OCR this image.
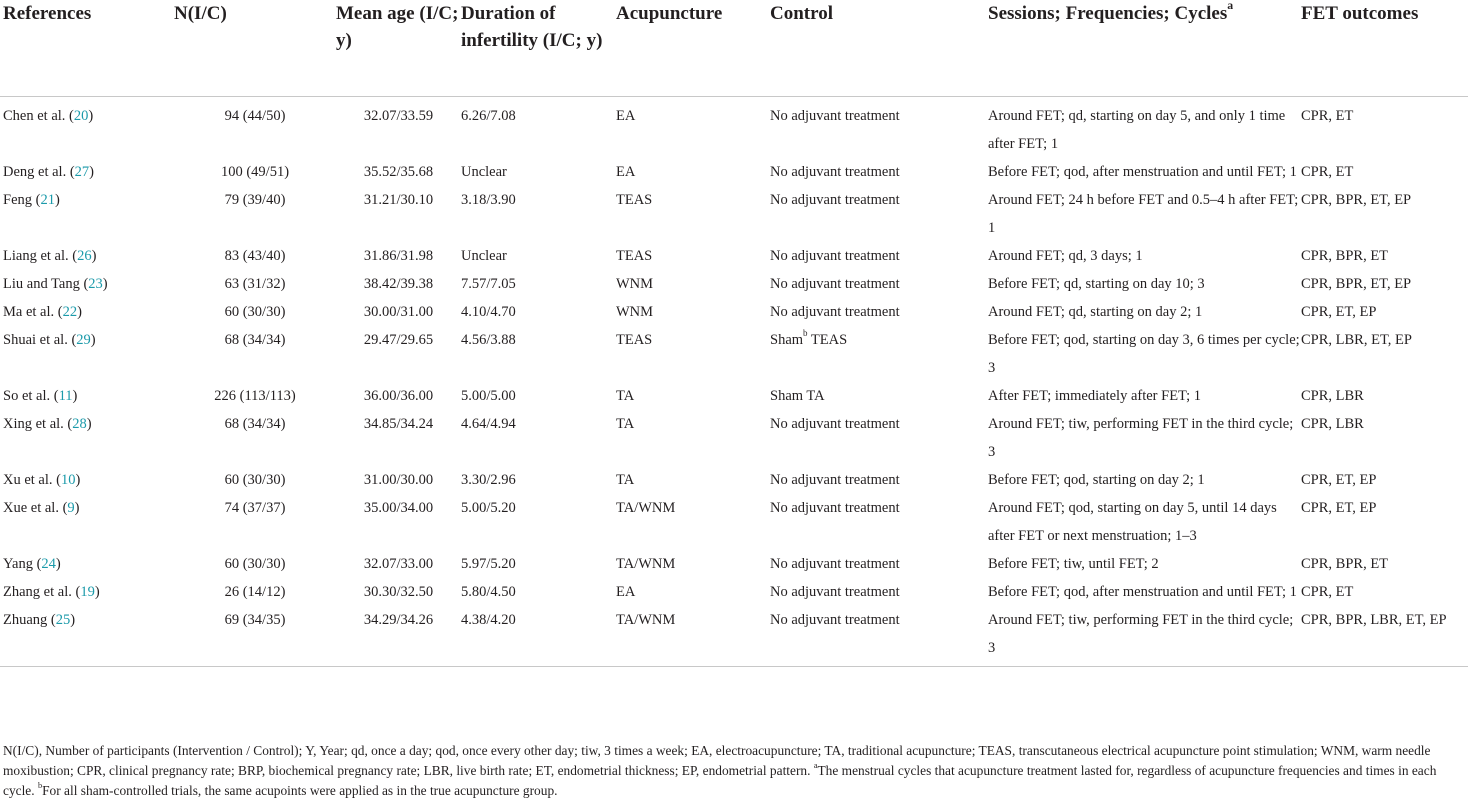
References	N(I/C)	Mean age (I/C; y)	Duration of infertility (I/C; y)	Acupuncture	Control	Sessions; Frequencies; Cycles$^a$	FET outcomes
Chen et al. (20)	94 (44/50)	32.07/33.59	6.26/7.08	EA	No adjuvant treatment	Around FET; qd, starting on day 5, and only 1 time after FET; 1	CPR, ET
Deng et al. (27)	100 (49/51)	35.52/35.68	Unclear	EA	No adjuvant treatment	Before FET; qod, after menstruation and until FET; 1	CPR, ET
Feng (21)	79 (39/40)	31.21/30.10	3.18/3.90	TEAS	No adjuvant treatment	Around FET; 24 h before FET and 0.5–4 h after FET; 1	CPR, BPR, ET, EP
Liang et al. (26)	83 (43/40)	31.86/31.98	Unclear	TEAS	No adjuvant treatment	Around FET; qd, 3 days; 1	CPR, BPR, ET
Liu and Tang (23)	63 (31/32)	38.42/39.38	7.57/7.05	WNM	No adjuvant treatment	Before FET; qd, starting on day 10; 3	CPR, BPR, ET, EP
Ma et al. (22)	60 (30/30)	30.00/31.00	4.10/4.70	WNM	No adjuvant treatment	Around FET; qd, starting on day 2; 1	CPR, ET, EP
Shuai et al. (29)	68 (34/34)	29.47/29.65	4.56/3.88	TEAS	Sham$^b$ TEAS	Before FET; qod, starting on day 3, 6 times per cycle; 3	CPR, LBR, ET, EP
So et al. (11)	226 (113/113)	36.00/36.00	5.00/5.00	TA	Sham TA	After FET; immediately after FET; 1	CPR, LBR
Xing et al. (28)	68 (34/34)	34.85/34.24	4.64/4.94	TA	No adjuvant treatment	Around FET; tiw, performing FET in the third cycle; 3	CPR, LBR
Xu et al. (10)	60 (30/30)	31.00/30.00	3.30/2.96	TA	No adjuvant treatment	Before FET; qod, starting on day 2; 1	CPR, ET, EP
Xue et al. (9)	74 (37/37)	35.00/34.00	5.00/5.20	TA/WNM	No adjuvant treatment	Around FET; qod, starting on day 5, until 14 days after FET or next menstruation; 1–3	CPR, ET, EP
Yang (24)	60 (30/30)	32.07/33.00	5.97/5.20	TA/WNM	No adjuvant treatment	Before FET; tiw, until FET; 2	CPR, BPR, ET
Zhang et al. (19)	26 (14/12)	30.30/32.50	5.80/4.50	EA	No adjuvant treatment	Before FET; qod, after menstruation and until FET; 1	CPR, ET
Zhuang (25)	69 (34/35)	34.29/34.26	4.38/4.20	TA/WNM	No adjuvant treatment	Around FET; tiw, performing FET in the third cycle; 3	CPR, BPR, LBR, ET, EP

N(I/C), Number of participants (Intervention / Control); Y, Year; qd, once a day; qod, once every other day; tiw, 3 times a week; EA, electroacupuncture; TA, traditional acupuncture; TEAS, transcutaneous electrical acupuncture point stimulation; WNM, warm needle moxibustion; CPR, clinical pregnancy rate; BRP, biochemical pregnancy rate; LBR, live birth rate; ET, endometrial thickness; EP, endometrial pattern. $^a$The menstrual cycles that acupuncture treatment lasted for, regardless of acupuncture frequencies and times in each cycle. $^b$For all sham-controlled trials, the same acupoints were applied as in the true acupuncture group.
